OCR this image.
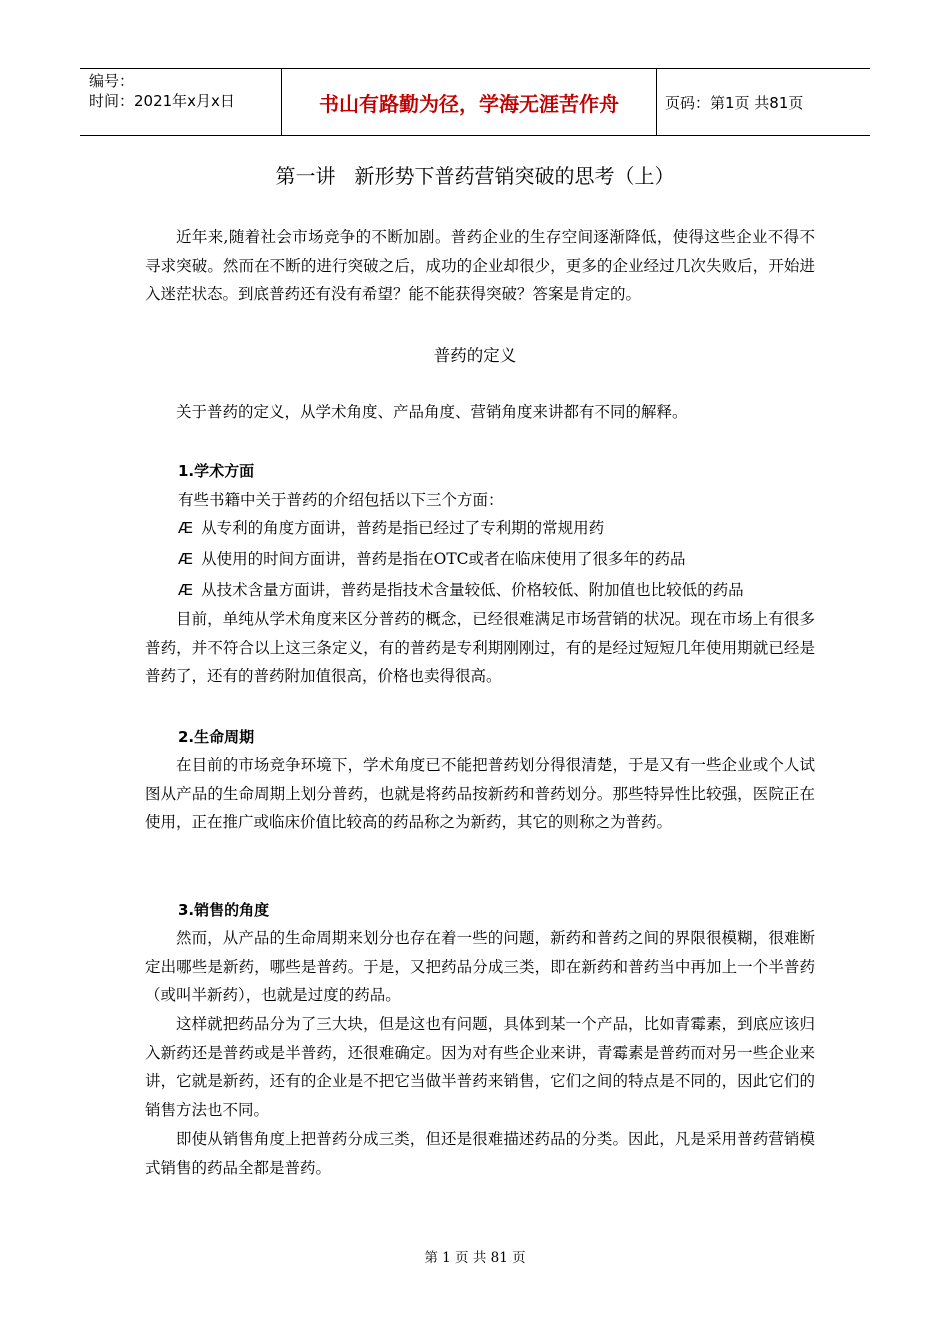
编号：
时间：2021年x月x日	书山有路勤为径，学海无涯苦作舟	页码：第1页 共81页
第一讲   新形势下普药营销突破的思考（上）
近年来,随着社会市场竞争的不断加剧。普药企业的生存空间逐渐降低，使得这些企业不得不寻求突破。然而在不断的进行突破之后，成功的企业却很少，更多的企业经过几次失败后，开始进入迷茫状态。到底普药还有没有希望？能不能获得突破？答案是肯定的。
普药的定义
关于普药的定义，从学术角度、产品角度、营销角度来讲都有不同的解释。
1.学术方面
有些书籍中关于普药的介绍包括以下三个方面：
Æ 从专利的角度方面讲，普药是指已经过了专利期的常规用药
Æ 从使用的时间方面讲，普药是指在OTC或者在临床使用了很多年的药品
Æ 从技术含量方面讲，普药是指技术含量较低、价格较低、附加值也比较低的药品
目前，单纯从学术角度来区分普药的概念，已经很难满足市场营销的状况。现在市场上有很多普药，并不符合以上这三条定义，有的普药是专利期刚刚过，有的是经过短短几年使用期就已经是普药了，还有的普药附加值很高，价格也卖得很高。
2.生命周期
在目前的市场竞争环境下，学术角度已不能把普药划分得很清楚，于是又有一些企业或个人试图从产品的生命周期上划分普药，也就是将药品按新药和普药划分。那些特异性比较强，医院正在使用，正在推广或临床价值比较高的药品称之为新药，其它的则称之为普药。
3.销售的角度
然而，从产品的生命周期来划分也存在着一些的问题，新药和普药之间的界限很模糊，很难断定出哪些是新药，哪些是普药。于是，又把药品分成三类，即在新药和普药当中再加上一个半普药（或叫半新药），也就是过度的药品。
这样就把药品分为了三大块，但是这也有问题，具体到某一个产品，比如青霉素，到底应该归入新药还是普药或是半普药，还很难确定。因为对有些企业来讲，青霉素是普药而对另一些企业来讲，它就是新药，还有的企业是不把它当做半普药来销售，它们之间的特点是不同的，因此它们的销售方法也不同。
即使从销售角度上把普药分成三类，但还是很难描述药品的分类。因此，凡是采用普药营销模式销售的药品全都是普药。
第 1 页 共 81 页
